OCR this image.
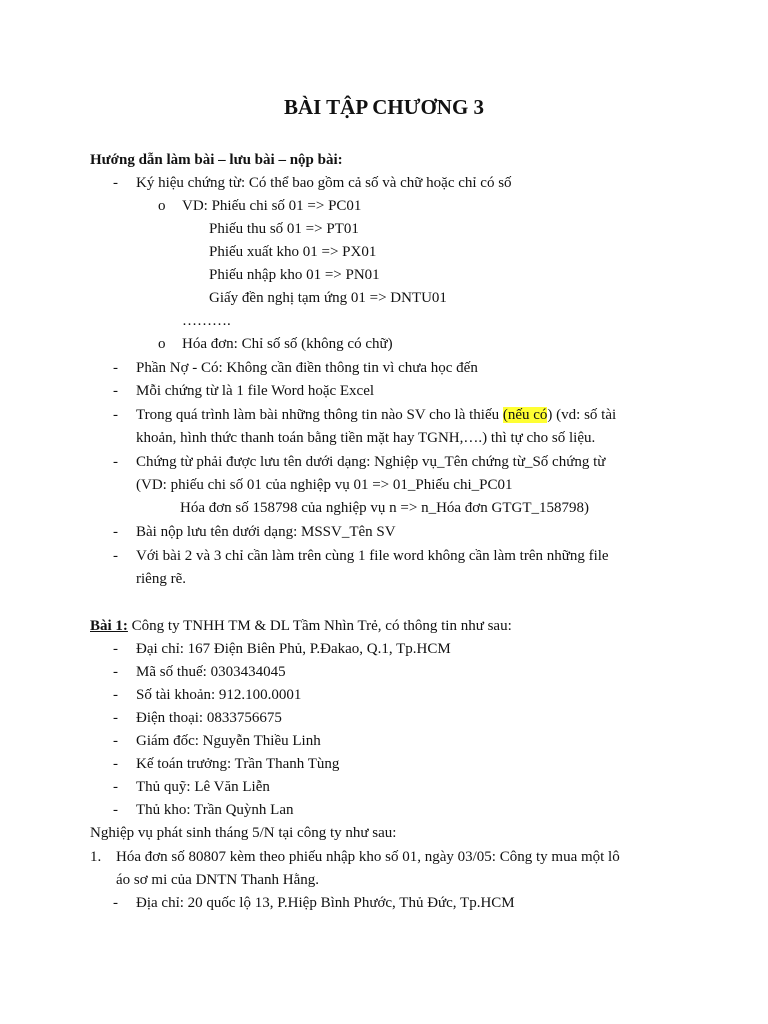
BÀI TẬP CHƯƠNG 3
Hướng dẫn làm bài – lưu bài – nộp bài:
- Ký hiệu chứng từ: Có thể bao gồm cả số và chữ hoặc chỉ có số
o VD: Phiếu chi số 01 => PC01
Phiếu thu số 01 => PT01
Phiếu xuất kho 01 => PX01
Phiếu nhập kho 01 => PN01
Giấy đền nghị tạm ứng 01 => DNTU01
……….
o Hóa đơn: Chỉ số số (không có chữ)
- Phần Nợ - Có: Không cần điền thông tin vì chưa học đến
- Mỗi chứng từ là 1 file Word hoặc Excel
- Trong quá trình làm bài những thông tin nào SV cho là thiếu (nếu có) (vd: số tài
khoản, hình thức thanh toán bằng tiền mặt hay TGNH,….) thì tự cho số liệu.
- Chứng từ phải được lưu tên dưới dạng: Nghiệp vụ_Tên chứng từ_Số chứng từ
(VD: phiếu chi số 01 của nghiệp vụ 01 => 01_Phiếu chi_PC01
Hóa đơn số 158798 của nghiệp vụ n => n_Hóa đơn GTGT_158798)
- Bài nộp lưu tên dưới dạng: MSSV_Tên SV
- Với bài 2 và 3 chỉ cần làm trên cùng 1 file word không cần làm trên những file
riêng rẽ.
Bài 1: Công ty TNHH TM & DL Tầm Nhìn Trẻ, có thông tin như sau:
- Đại chỉ: 167 Điện Biên Phủ, P.Đakao, Q.1, Tp.HCM
- Mã số thuế: 0303434045
- Số tài khoản: 912.100.0001
- Điện thoại: 0833756675
- Giám đốc: Nguyễn Thiều Linh
- Kế toán trưởng: Trần Thanh Tùng
- Thủ quỹ: Lê Văn Liễn
- Thủ kho: Trần Quỳnh Lan
Nghiệp vụ phát sinh tháng 5/N tại công ty như sau:
1. Hóa đơn số 80807 kèm theo phiếu nhập kho số 01, ngày 03/05: Công ty mua một lô
áo sơ mi của DNTN Thanh Hằng.
- Địa chỉ: 20 quốc lộ 13, P.Hiệp Bình Phước, Thủ Đức, Tp.HCM
